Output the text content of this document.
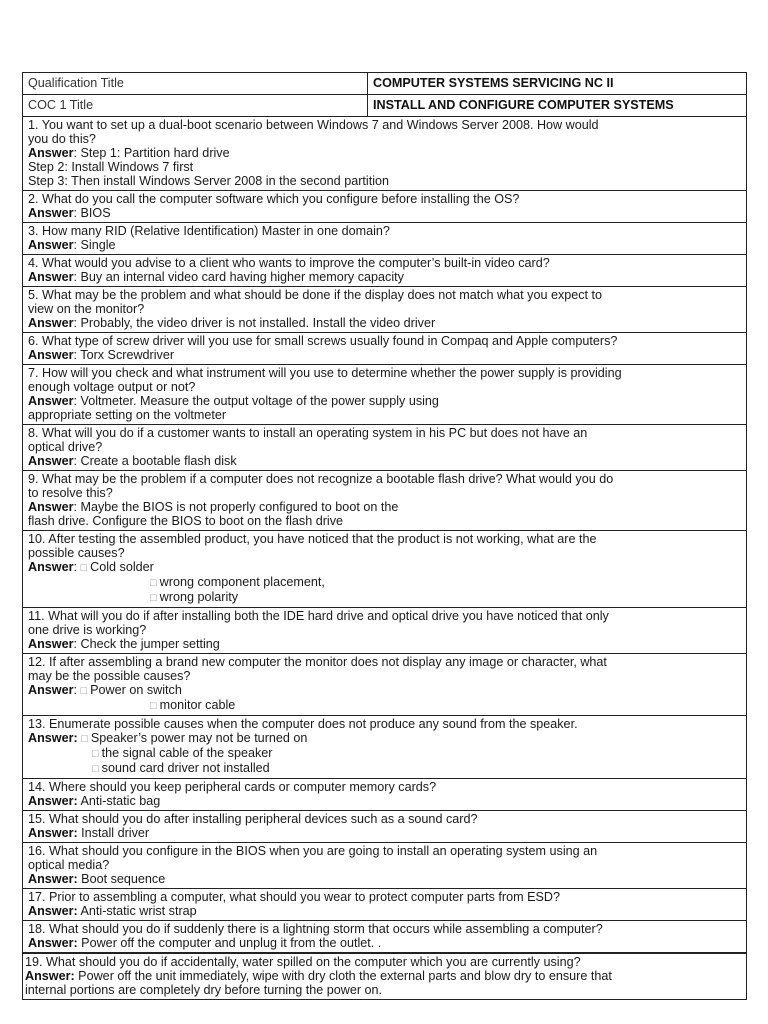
Qualification Title	COMPUTER SYSTEMS SERVICING NC II
COC 1 Title	INSTALL AND CONFIGURE COMPUTER SYSTEMS

1. You want to set up a dual-boot scenario between Windows 7 and Windows Server 2008. How would
you do this?
Answer: Step 1: Partition hard drive
Step 2: Install Windows 7 first
Step 3: Then install Windows Server 2008 in the second partition	

2. What do you call the computer software which you configure before installing the OS?
Answer: BIOS	

3. How many RID (Relative Identification) Master in one domain?
Answer: Single	

4. What would you advise to a client who wants to improve the computer’s built-in video card?
Answer: Buy an internal video card having higher memory capacity	

5. What may be the problem and what should be done if the display does not match what you expect to
view on the monitor?
Answer: Probably, the video driver is not installed. Install the video driver	

6. What type of screw driver will you use for small screws usually found in Compaq and Apple computers?
Answer: Torx Screwdriver	

7. How will you check and what instrument will you use to determine whether the power supply is providing
enough voltage output or not?
Answer: Voltmeter. Measure the output voltage of the power supply using
appropriate setting on the voltmeter	

8. What will you do if a customer wants to install an operating system in his PC but does not have an
optical drive?
Answer: Create a bootable flash disk	

9. What may be the problem if a computer does not recognize a bootable flash drive? What would you do
to resolve this?
Answer: Maybe the BIOS is not properly configured to boot on the
flash drive. Configure the BIOS to boot on the flash drive	

10. After testing the assembled product, you have noticed that the product is not working, what are the
possible causes?
Answer: □ Cold solder
□ wrong component placement,
□ wrong polarity	

11. What will you do if after installing both the IDE hard drive and optical drive you have noticed that only
one drive is working?
Answer: Check the jumper setting	

12. If after assembling a brand new computer the monitor does not display any image or character, what
may be the possible causes?
Answer: □ Power on switch
□ monitor cable	

13. Enumerate possible causes when the computer does not produce any sound from the speaker.
Answer: □ Speaker’s power may not be turned on
□ the signal cable of the speaker
□ sound card driver not installed	

14. Where should you keep peripheral cards or computer memory cards?
Answer: Anti-static bag	

15. What should you do after installing peripheral devices such as a sound card?
Answer: Install driver	

16. What should you configure in the BIOS when you are going to install an operating system using an
optical media?
Answer: Boot sequence	

17. Prior to assembling a computer, what should you wear to protect computer parts from ESD?
Answer: Anti-static wrist strap	

18. What should you do if suddenly there is a lightning storm that occurs while assembling a computer?
Answer: Power off the computer and unplug it from the outlet. .	

19. What should you do if accidentally, water spilled on the computer which you are currently using?
Answer: Power off the unit immediately, wipe with dry cloth the external parts and blow dry to ensure that
internal portions are completely dry before turning the power on.	
